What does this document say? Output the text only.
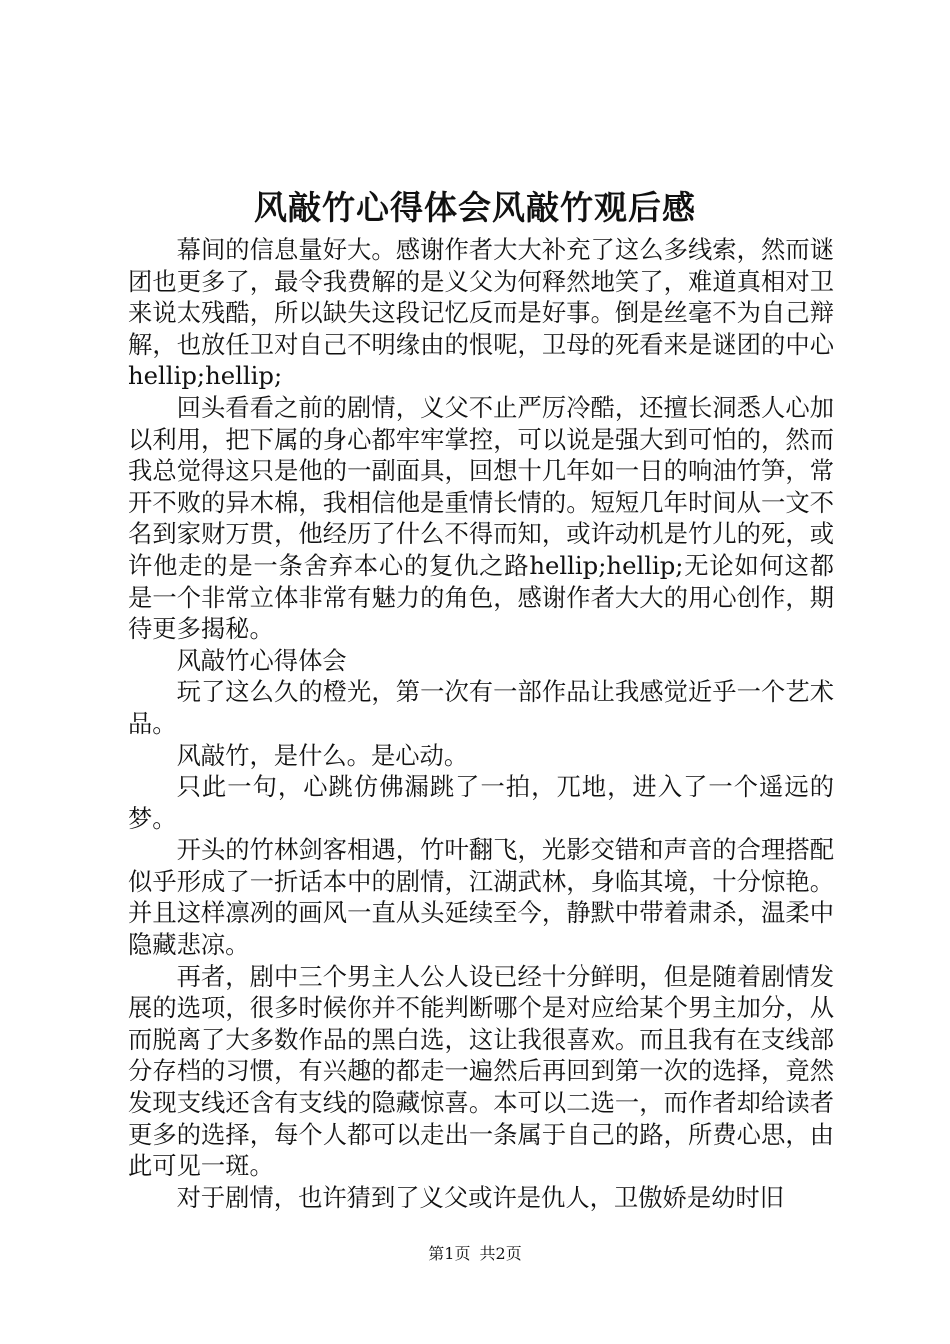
风敲竹心得体会风敲竹观后感

幕间的信息量好大。感谢作者大大补充了这么多线索，然而谜团也更多了，最令我费解的是义父为何释然地笑了，难道真相对卫来说太残酷，所以缺失这段记忆反而是好事。倒是丝毫不为自己辩解，也放任卫对自己不明缘由的恨呢，卫母的死看来是谜团的中心hellip;hellip;

回头看看之前的剧情，义父不止严厉冷酷，还擅长洞悉人心加以利用，把下属的身心都牢牢掌控，可以说是强大到可怕的，然而我总觉得这只是他的一副面具，回想十几年如一日的响油竹笋，常开不败的异木棉，我相信他是重情长情的。短短几年时间从一文不名到家财万贯，他经历了什么不得而知，或许动机是竹儿的死，或许他走的是一条舍弃本心的复仇之路hellip;hellip;无论如何这都是一个非常立体非常有魅力的角色，感谢作者大大的用心创作，期待更多揭秘。

风敲竹心得体会

玩了这么久的橙光，第一次有一部作品让我感觉近乎一个艺术品。

风敲竹，是什么。是心动。

只此一句，心跳仿佛漏跳了一拍，兀地，进入了一个遥远的梦。

开头的竹林剑客相遇，竹叶翻飞，光影交错和声音的合理搭配似乎形成了一折话本中的剧情，江湖武林，身临其境，十分惊艳。并且这样凛冽的画风一直从头延续至今，静默中带着肃杀，温柔中隐藏悲凉。

再者，剧中三个男主人公人设已经十分鲜明，但是随着剧情发展的选项，很多时候你并不能判断哪个是对应给某个男主加分，从而脱离了大多数作品的黑白选，这让我很喜欢。而且我有在支线部分存档的习惯，有兴趣的都走一遍然后再回到第一次的选择，竟然发现支线还含有支线的隐藏惊喜。本可以二选一，而作者却给读者更多的选择，每个人都可以走出一条属于自己的路，所费心思，由此可见一斑。

对于剧情，也许猜到了义父或许是仇人，卫傲娇是幼时旧

第1页 共2页
